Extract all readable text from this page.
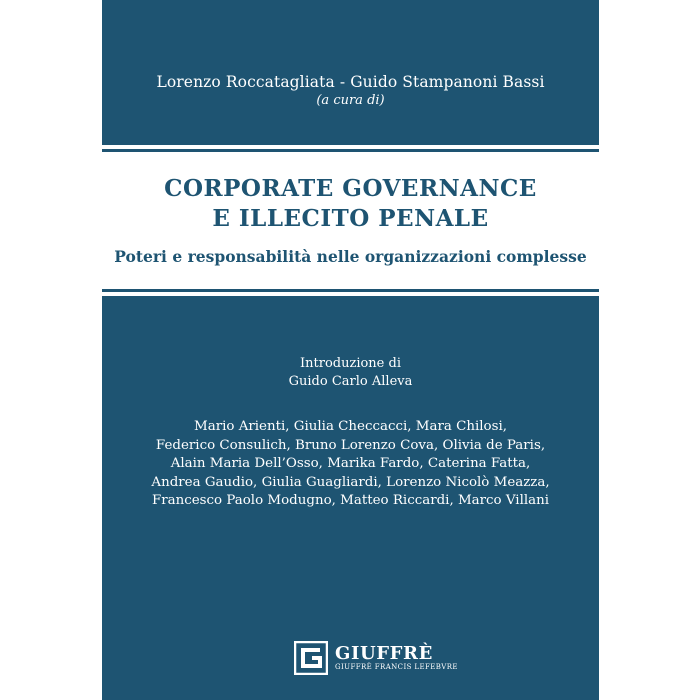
Lorenzo Roccatagliata - Guido Stampanoni Bassi
(a cura di)
CORPORATE GOVERNANCE
E ILLECITO PENALE
Poteri e responsabilità nelle organizzazioni complesse
Introduzione di
Guido Carlo Alleva
Mario Arienti, Giulia Checcacci, Mara Chilosi,
Federico Consulich, Bruno Lorenzo Cova, Olivia de Paris,
Alain Maria Dell’Osso, Marika Fardo, Caterina Fatta,
Andrea Gaudio, Giulia Guagliardi, Lorenzo Nicolò Meazza,
Francesco Paolo Modugno, Matteo Riccardi, Marco Villani
GIUFFRÈ
GIUFFRÈ FRANCIS LEFEBVRE
